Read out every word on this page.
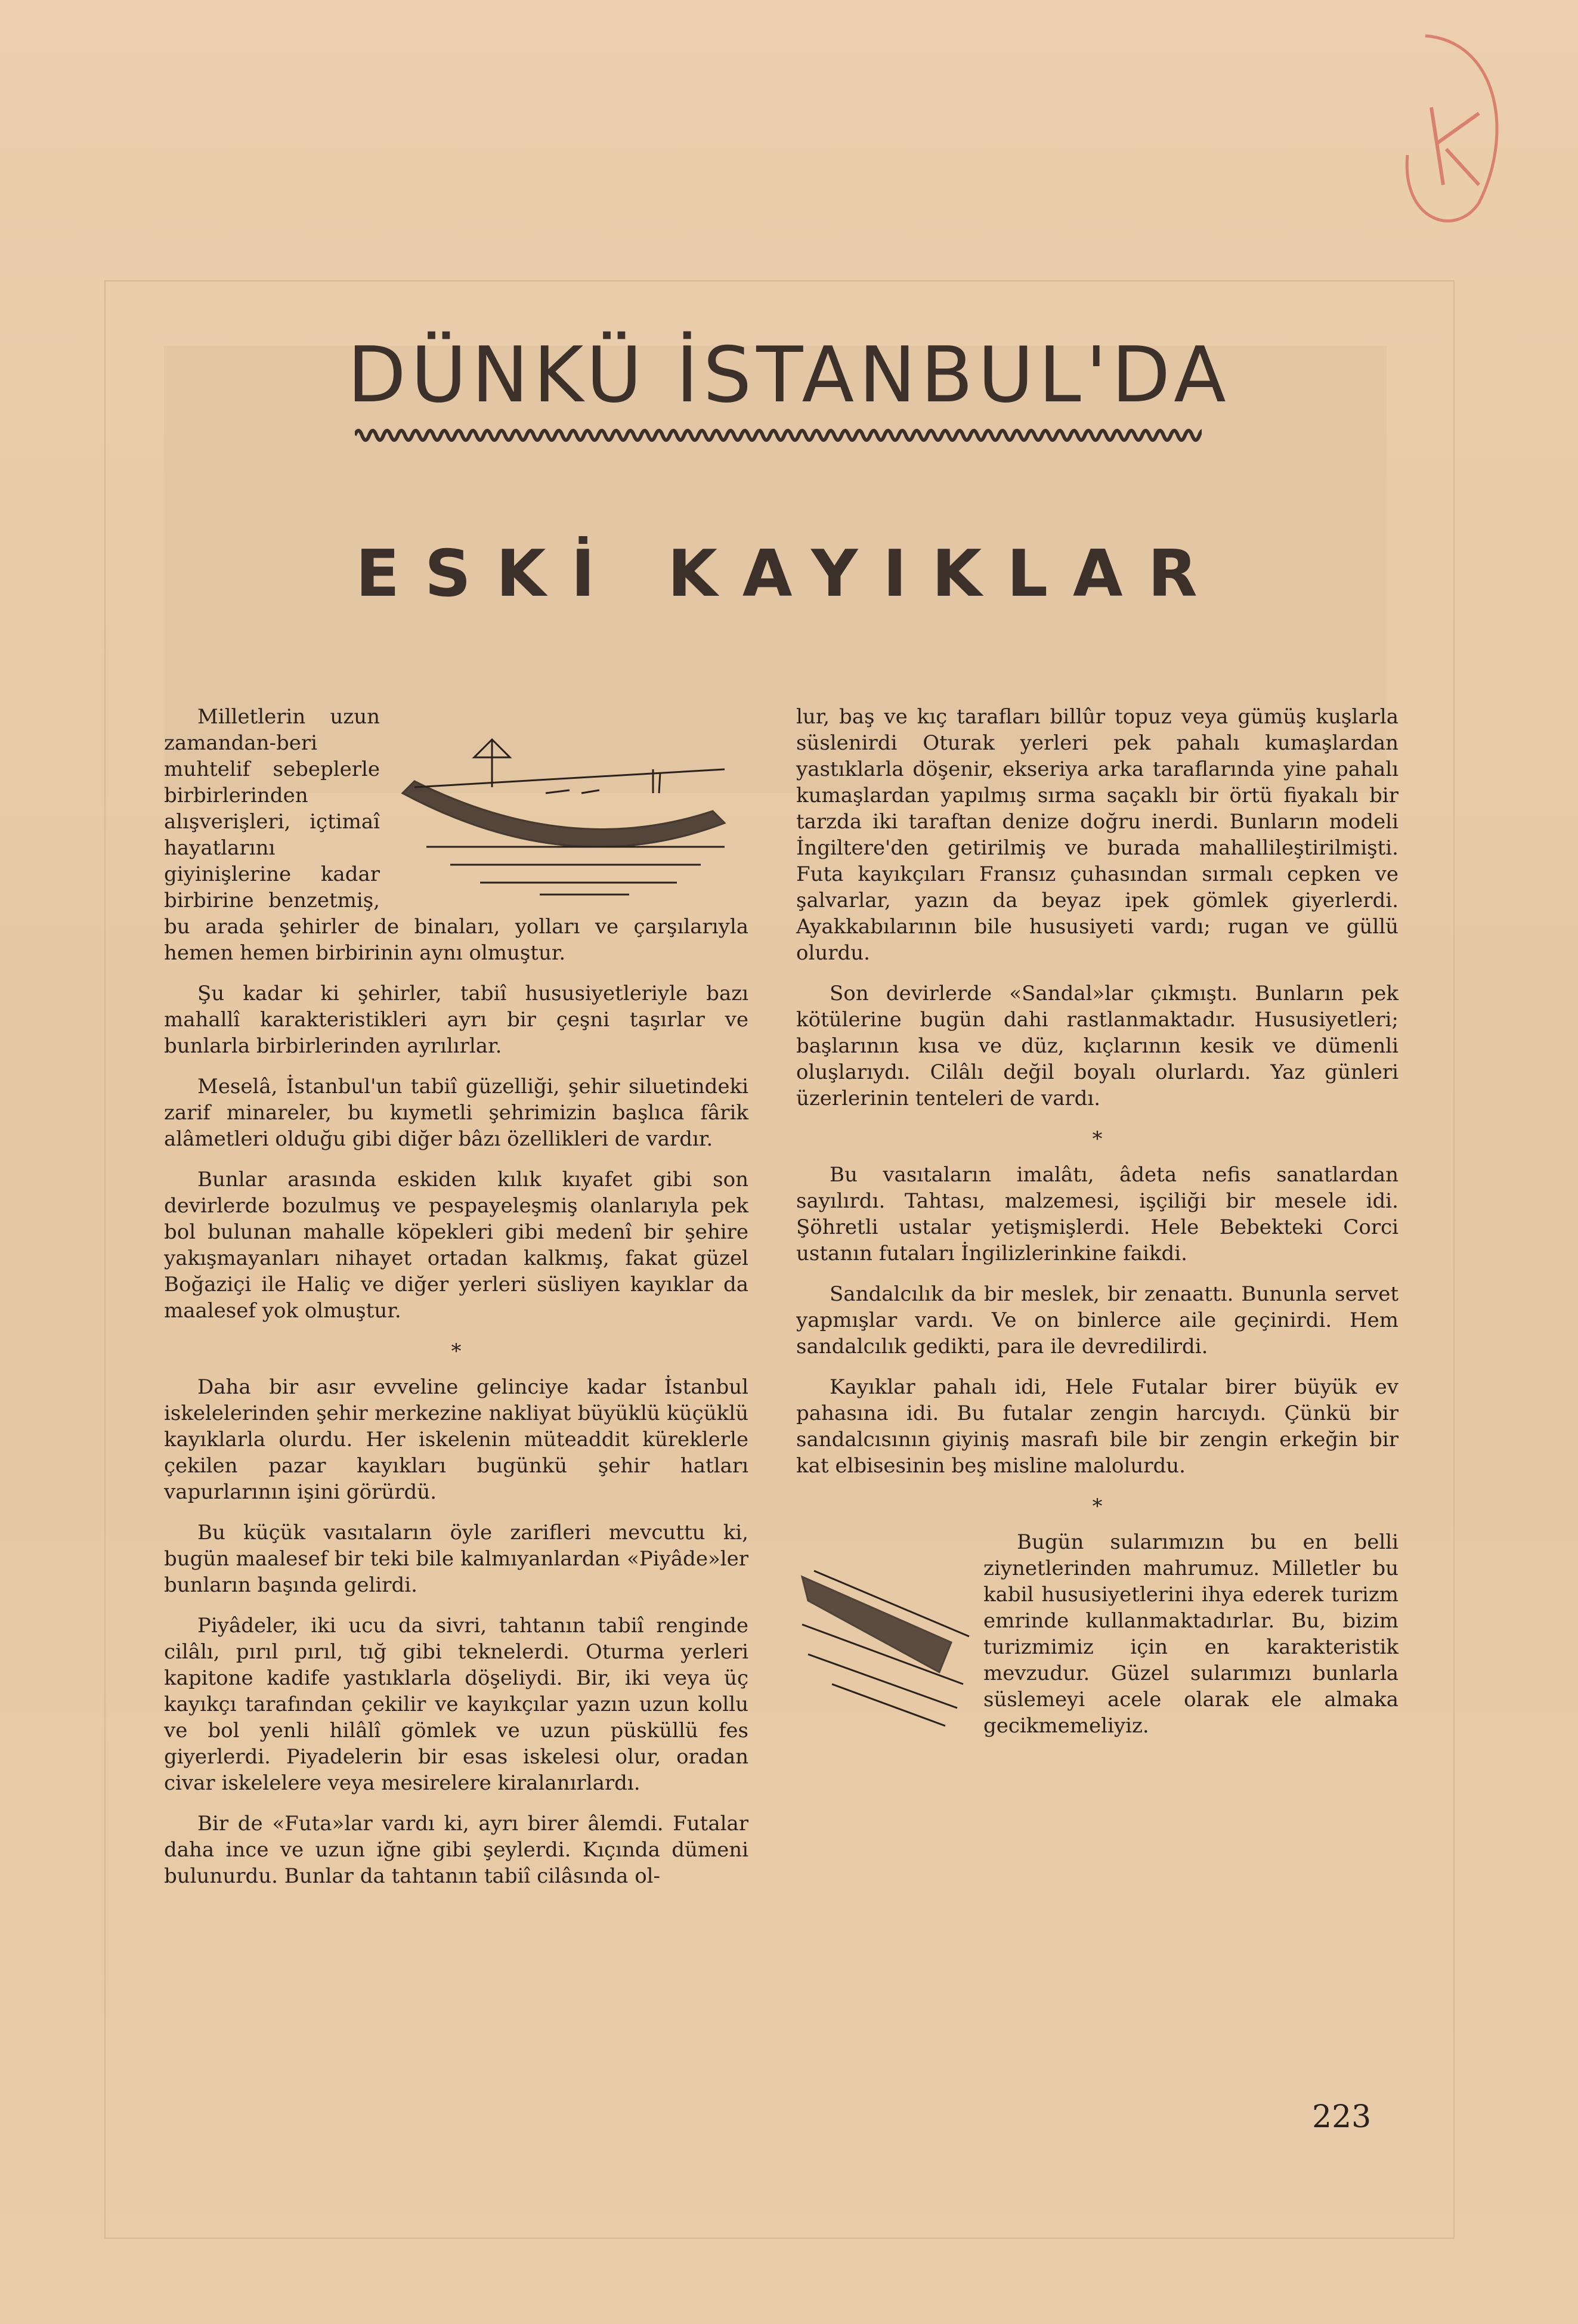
DÜNKÜ İSTANBUL'DA
ESKİ KAYIKLAR

Milletlerin uzun zamandan-beri muhtelif sebeplerle birbirlerinden alışverişleri, içtimaî hayatlarını giyinişlerine kadar birbirine benzetmiş, bu arada şehirler de binaları, yolları ve çarşılarıyla hemen hemen birbirinin aynı olmuştur.

Şu kadar ki şehirler, tabiî hususiyetleriyle bazı mahallî karakteristikleri ayrı bir çeşni taşırlar ve bunlarla birbirlerinden ayrılırlar.

Meselâ, İstanbul'un tabiî güzelliği, şehir siluetindeki zarif minareler, bu kıymetli şehrimizin başlıca fârik alâmetleri olduğu gibi diğer bâzı özellikleri de vardır.

Bunlar arasında eskiden kılık kıyafet gibi son devirlerde bozulmuş ve pespayeleşmiş olanlarıyla pek bol bulunan mahalle köpekleri gibi medenî bir şehire yakışmayanları nihayet ortadan kalkmış, fakat güzel Boğaziçi ile Haliç ve diğer yerleri süsliyen kayıklar da maalesef yok olmuştur.

*

Daha bir asır evveline gelinciye kadar İstanbul iskelelerinden şehir merkezine nakliyat büyüklü küçüklü kayıklarla olurdu. Her iskelenin müteaddit küreklerle çekilen pazar kayıkları bugünkü şehir hatları vapurlarının işini görürdü.

Bu küçük vasıtaların öyle zarifleri mevcuttu ki, bugün maalesef bir teki bile kalmıyanlardan «Piyâde»ler bunların başında gelirdi.

Piyâdeler, iki ucu da sivri, tahtanın tabiî renginde cilâlı, pırıl pırıl, tığ gibi teknelerdi. Oturma yerleri kapitone kadife yastıklarla döşeliydi. Bir, iki veya üç kayıkçı tarafından çekilir ve kayıkçılar yazın uzun kollu ve bol yenli hilâlî gömlek ve uzun püsküllü fes giyerlerdi. Piyadelerin bir esas iskelesi olur, oradan civar iskelelere veya mesirelere kiralanırlardı.

Bir de «Futa»lar vardı ki, ayrı birer âlemdi. Futalar daha ince ve uzun iğne gibi şeylerdi. Kıçında dümeni bulunurdu. Bunlar da tahtanın tabiî cilâsında ol-

lur, baş ve kıç tarafları billûr topuz veya gümüş kuşlarla süslenirdi Oturak yerleri pek pahalı kumaşlardan yastıklarla döşenir, ekseriya arka taraflarında yine pahalı kumaşlardan yapılmış sırma saçaklı bir örtü fiyakalı bir tarzda iki taraftan denize doğru inerdi. Bunların modeli İngiltere'den getirilmiş ve burada mahallileştirilmişti. Futa kayıkçıları Fransız çuhasından sırmalı cepken ve şalvarlar, yazın da beyaz ipek gömlek giyerlerdi. Ayakkabılarının bile hususiyeti vardı; rugan ve güllü olurdu.

Son devirlerde «Sandal»lar çıkmıştı. Bunların pek kötülerine bugün dahi rastlanmaktadır. Hususiyetleri; başlarının kısa ve düz, kıçlarının kesik ve dümenli oluşlarıydı. Cilâlı değil boyalı olurlardı. Yaz günleri üzerlerinin tenteleri de vardı.

*

Bu vasıtaların imalâtı, âdeta nefis sanatlardan sayılırdı. Tahtası, malzemesi, işçiliği bir mesele idi. Şöhretli ustalar yetişmişlerdi. Hele Bebekteki Corci ustanın futaları İngilizlerinkine faikdi.

Sandalcılık da bir meslek, bir zenaattı. Bununla servet yapmışlar vardı. Ve on binlerce aile geçinirdi. Hem sandalcılık gedikti, para ile devredilirdi.

Kayıklar pahalı idi, Hele Futalar birer büyük ev pahasına idi. Bu futalar zengin harcıydı. Çünkü bir sandalcısının giyiniş masrafı bile bir zengin erkeğin bir kat elbisesinin beş misline malolurdu.

*

Bugün sularımızın bu en belli ziynetlerinden mahrumuz. Milletler bu kabil hususiyetlerini ihya ederek turizm emrinde kullanmaktadırlar. Bu, bizim turizmimiz için en karakteristik mevzudur. Güzel sularımızı bunlarla süslemeyi acele olarak ele almaka gecikmemeliyiz.

223
